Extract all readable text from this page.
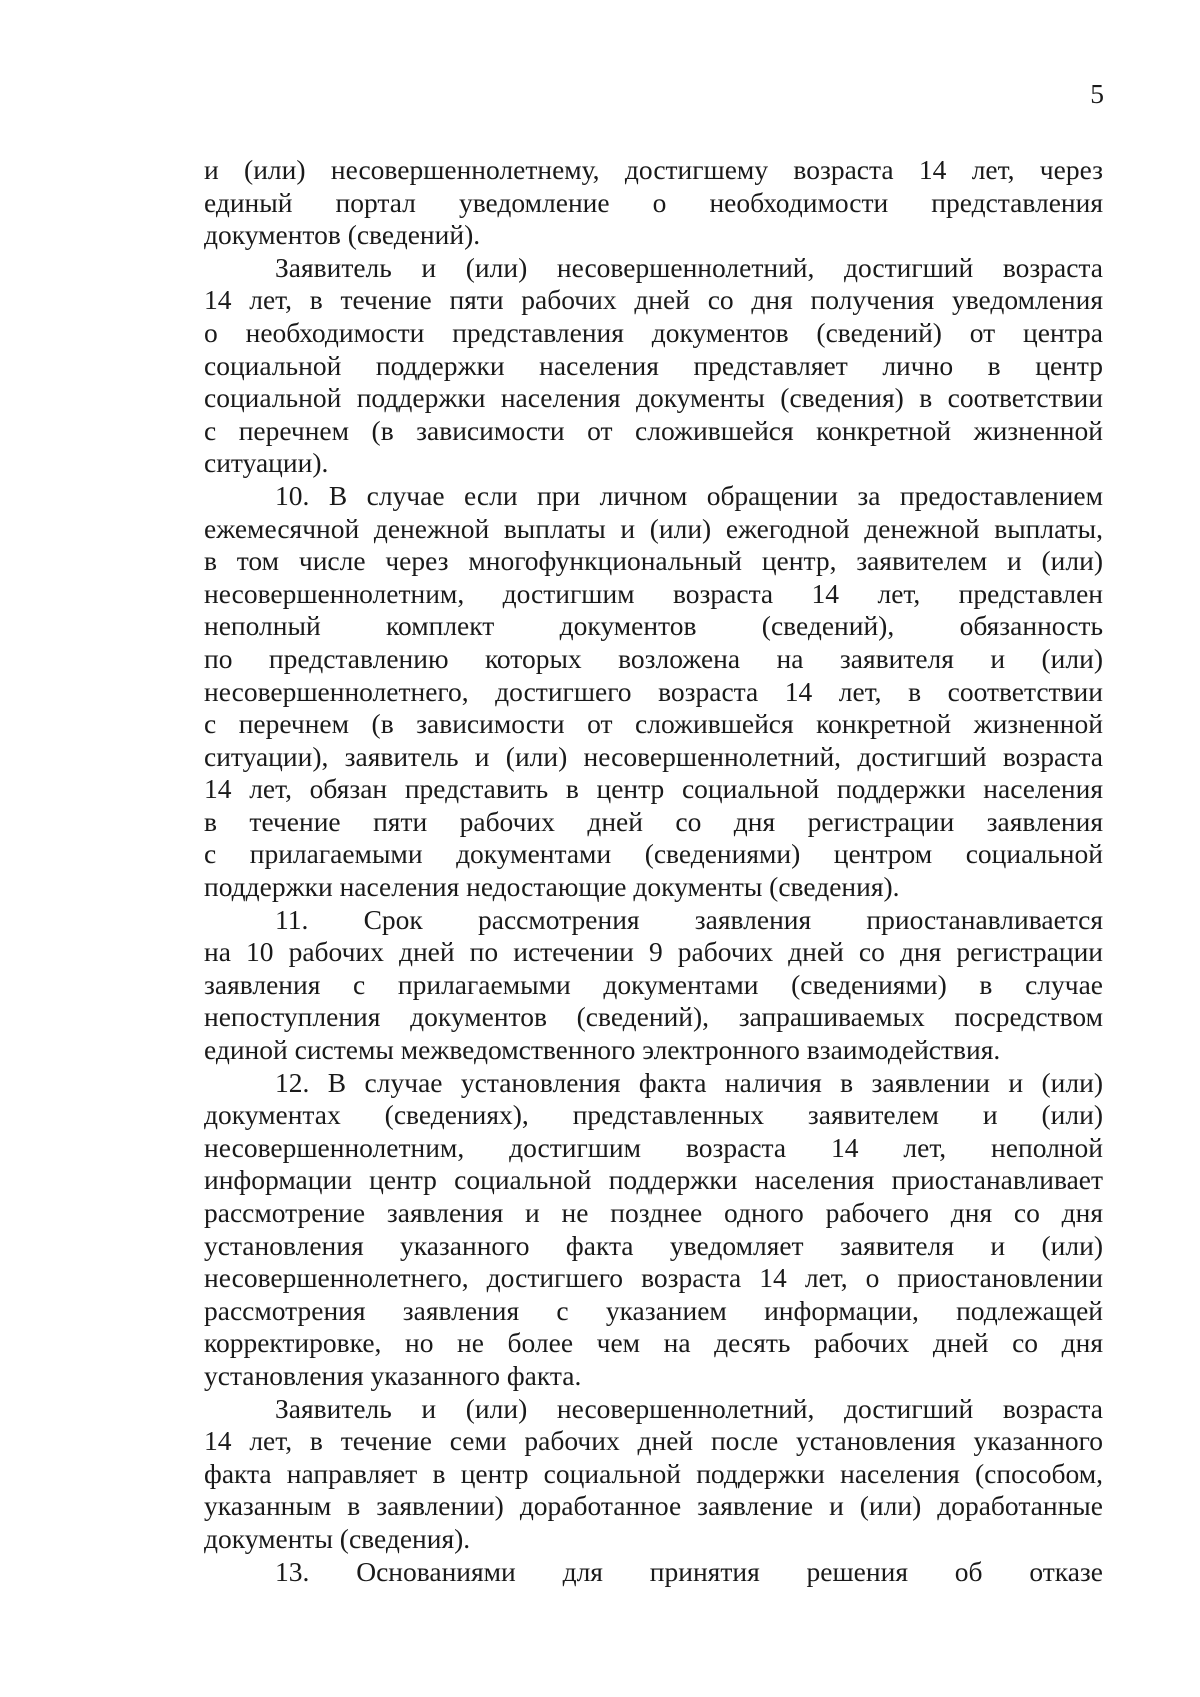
5
и (или) несовершеннолетнему, достигшему возраста 14 лет, через
единый портал уведомление о необходимости представления
документов (сведений).
Заявитель и (или) несовершеннолетний, достигший возраста
14 лет, в течение пяти рабочих дней со дня получения уведомления
о необходимости представления документов (сведений) от центра
социальной поддержки населения представляет лично в центр
социальной поддержки населения документы (сведения) в соответствии
с перечнем (в зависимости от сложившейся конкретной жизненной
ситуации).
10. В случае если при личном обращении за предоставлением
ежемесячной денежной выплаты и (или) ежегодной денежной выплаты,
в том числе через многофункциональный центр, заявителем и (или)
несовершеннолетним, достигшим возраста 14 лет, представлен
неполный комплект документов (сведений), обязанность
по представлению которых возложена на заявителя и (или)
несовершеннолетнего, достигшего возраста 14 лет, в соответствии
с перечнем (в зависимости от сложившейся конкретной жизненной
ситуации), заявитель и (или) несовершеннолетний, достигший возраста
14 лет, обязан представить в центр социальной поддержки населения
в течение пяти рабочих дней со дня регистрации заявления
с прилагаемыми документами (сведениями) центром социальной
поддержки населения недостающие документы (сведения).
11. Срок рассмотрения заявления приостанавливается
на 10 рабочих дней по истечении 9 рабочих дней со дня регистрации
заявления с прилагаемыми документами (сведениями) в случае
непоступления документов (сведений), запрашиваемых посредством
единой системы межведомственного электронного взаимодействия.
12. В случае установления факта наличия в заявлении и (или)
документах (сведениях), представленных заявителем и (или)
несовершеннолетним, достигшим возраста 14 лет, неполной
информации центр социальной поддержки населения приостанавливает
рассмотрение заявления и не позднее одного рабочего дня со дня
установления указанного факта уведомляет заявителя и (или)
несовершеннолетнего, достигшего возраста 14 лет, о приостановлении
рассмотрения заявления с указанием информации, подлежащей
корректировке, но не более чем на десять рабочих дней со дня
установления указанного факта.
Заявитель и (или) несовершеннолетний, достигший возраста
14 лет, в течение семи рабочих дней после установления указанного
факта направляет в центр социальной поддержки населения (способом,
указанным в заявлении) доработанное заявление и (или) доработанные
документы (сведения).
13. Основаниями для принятия решения об отказе
